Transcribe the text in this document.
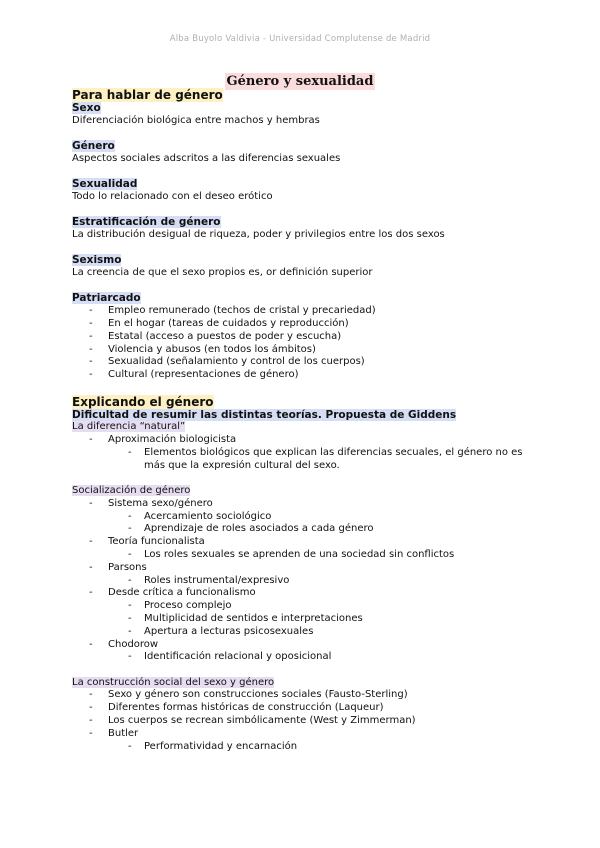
Alba Buyolo Valdivia - Universidad Complutense de Madrid
Género y sexualidad
Para hablar de género
Sexo

Diferenciación biológica entre machos y hembras

Género

Aspectos sociales adscritos a las diferencias sexuales

Sexualidad

Todo lo relacionado con el deseo erótico

Estratificación de género

La distribución desigual de riqueza, poder y privilegios entre los dos sexos

Sexismo

La creencia de que el sexo propios es, or definición superior

Patriarcado
- Empleo remunerado (techos de cristal y precariedad)
- En el hogar (tareas de cuidados y reproducción)
- Estatal (acceso a puestos de poder y escucha)
- Violencia y abusos (en todos los ámbitos)
- Sexualidad (señalamiento y control de los cuerpos)
- Cultural (representaciones de género)
Explicando el género
Dificultad de resumir las distintas teorías. Propuesta de Giddens
La diferencia “natural”
- Aproximación biologicista
- Elementos biológicos que explican las diferencias secuales, el género no es más que la expresión cultural del sexo.
Socialización de género
- Sistema sexo/género
- Acercamiento sociológico
- Aprendizaje de roles asociados a cada género
- Teoría funcionalista
- Los roles sexuales se aprenden de una sociedad sin conflictos
- Parsons
- Roles instrumental/expresivo
- Desde crítica a funcionalismo
- Proceso complejo
- Multiplicidad de sentidos e interpretaciones
- Apertura a lecturas psicosexuales
- Chodorow
- Identificación relacional y oposicional
La construcción social del sexo y género
- Sexo y género son construcciones sociales (Fausto-Sterling)
- Diferentes formas históricas de construcción (Laqueur)
- Los cuerpos se recrean simbólicamente (West y Zimmerman)
- Butler
- Performatividad y encarnación
